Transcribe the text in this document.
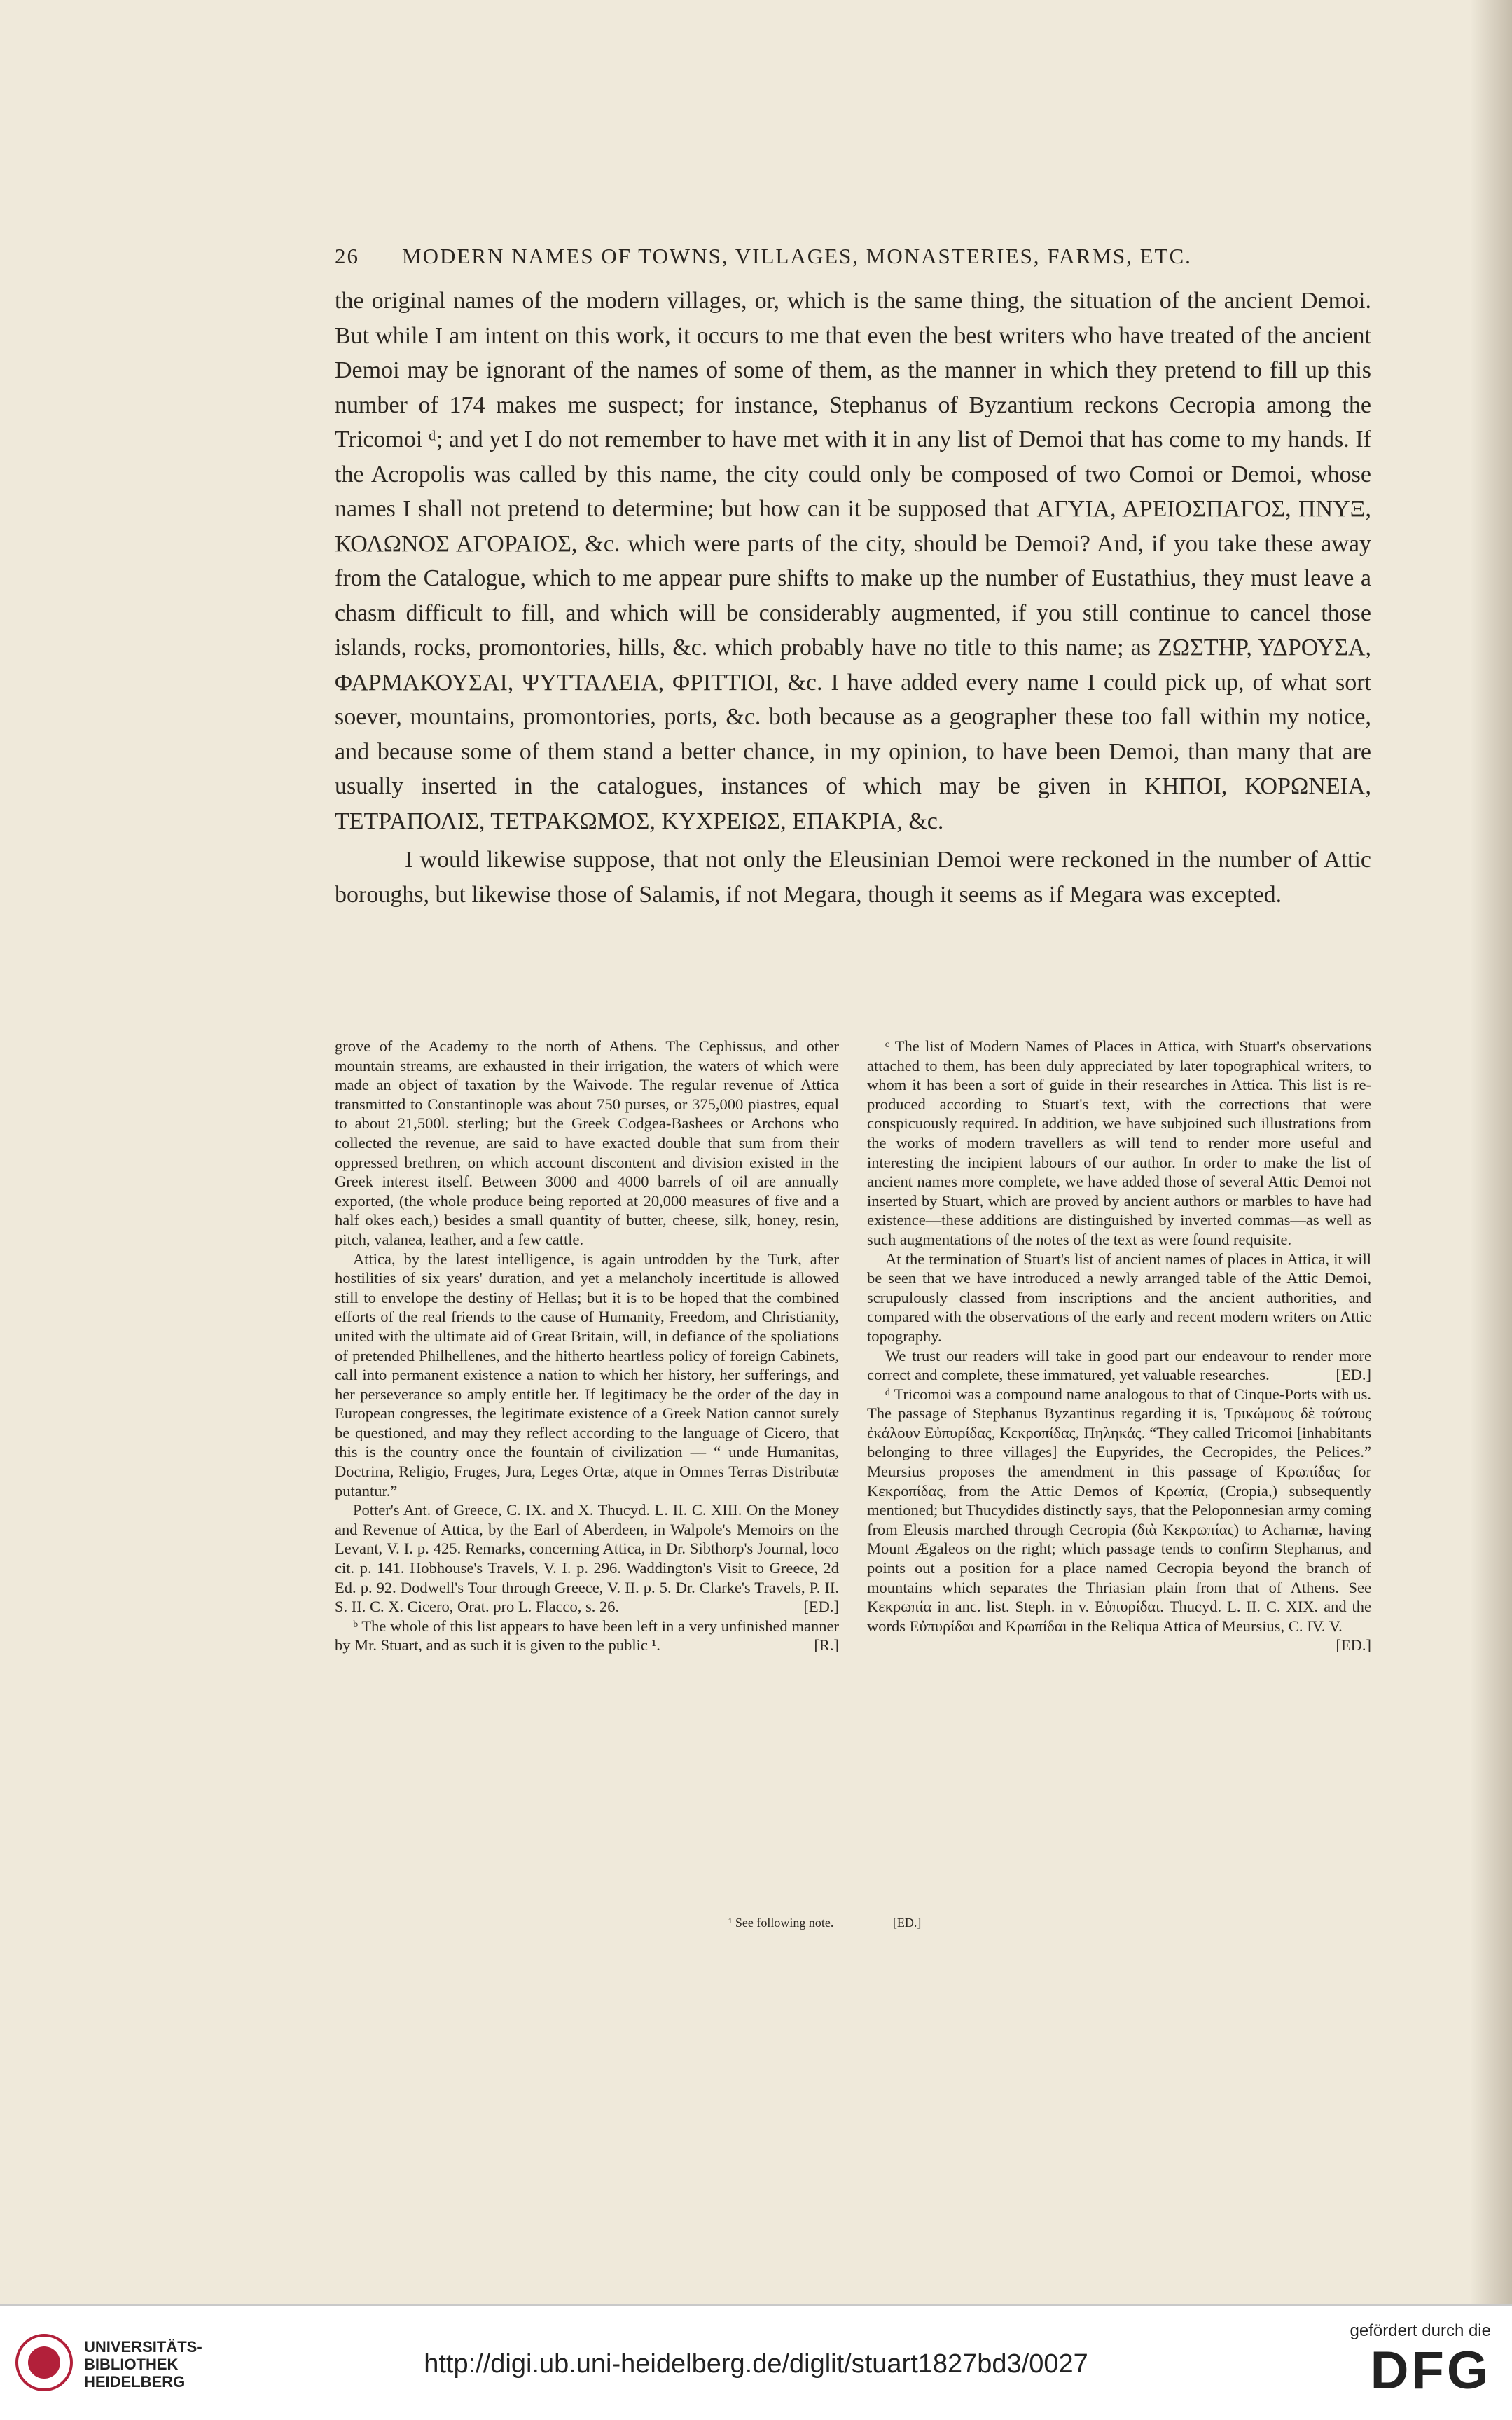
26 MODERN NAMES OF TOWNS, VILLAGES, MONASTERIES, FARMS, ETC.

the original names of the modern villages, or, which is the same thing, the situation of the ancient Demoi. But while I am intent on this work, it occurs to me that even the best writers who have treated of the ancient Demoi may be ignorant of the names of some of them, as the manner in which they pretend to fill up this number of 174 makes me suspect; for instance, Stephanus of Byzantium reckons Cecropia among the Tricomoi ᵈ; and yet I do not remember to have met with it in any list of Demoi that has come to my hands. If the Acropolis was called by this name, the city could only be composed of two Comoi or Demoi, whose names I shall not pretend to determine; but how can it be supposed that ΑΓΥΙΑ, ΑΡΕΙΟΣΠΑΓΟΣ, ΠΝΥΞ, ΚΟΛΩΝΟΣ ΑΓΟΡΑΙΟΣ, &c. which were parts of the city, should be Demoi? And, if you take these away from the Catalogue, which to me appear pure shifts to make up the number of Eustathius, they must leave a chasm difficult to fill, and which will be considerably augmented, if you still continue to cancel those islands, rocks, promontories, hills, &c. which probably have no title to this name; as ΖΩΣΤΗΡ, ΥΔΡΟΥΣΑ, ΦΑΡΜΑΚΟΥΣΑΙ, ΨΥΤΤΑΛΕΙΑ, ΦΡΙΤΤΙΟΙ, &c. I have added every name I could pick up, of what sort soever, mountains, promontories, ports, &c. both because as a geographer these too fall within my notice, and because some of them stand a better chance, in my opinion, to have been Demoi, than many that are usually inserted in the catalogues, instances of which may be given in ΚΗΠΟΙ, ΚΟΡΩΝΕΙΑ, ΤΕΤΡΑΠΟΛΙΣ, ΤΕΤΡΑΚΩΜΟΣ, ΚΥΧΡΕΙΩΣ, ΕΠΑΚΡΙΑ, &c.

I would likewise suppose, that not only the Eleusinian Demoi were reckoned in the number of Attic boroughs, but likewise those of Salamis, if not Megara, though it seems as if Megara was excepted.

grove of the Academy to the north of Athens. The Cephissus, and other mountain streams, are exhausted in their irrigation, the waters of which were made an object of taxation by the Waivode. The regular revenue of Attica transmitted to Constantinople was about 750 purses, or 375,000 piastres, equal to about 21,500l. sterling; but the Greek Codgea-Bashees or Archons who collected the revenue, are said to have exacted double that sum from their oppressed brethren, on which account discontent and division existed in the Greek interest itself. Between 3000 and 4000 barrels of oil are annually exported, (the whole produce being reported at 20,000 measures of five and a half okes each,) besides a small quantity of butter, cheese, silk, honey, resin, pitch, valanea, leather, and a few cattle.

Attica, by the latest intelligence, is again untrodden by the Turk, after hostilities of six years' duration, and yet a melancholy incertitude is allowed still to envelope the destiny of Hellas; but it is to be hoped that the combined efforts of the real friends to the cause of Humanity, Freedom, and Christianity, united with the ultimate aid of Great Britain, will, in defiance of the spoliations of pretended Philhellenes, and the hitherto heartless policy of foreign Cabinets, call into permanent existence a nation to which her history, her sufferings, and her perseverance so amply entitle her. If legitimacy be the order of the day in European congresses, the legitimate existence of a Greek Nation cannot surely be questioned, and may they reflect according to the language of Cicero, that this is the country once the fountain of civilization — “ unde Humanitas, Doctrina, Religio, Fruges, Jura, Leges Ortæ, atque in Omnes Terras Distributæ putantur.”

Potter's Ant. of Greece, C. IX. and X. Thucyd. L. II. C. XIII. On the Money and Revenue of Attica, by the Earl of Aberdeen, in Walpole's Memoirs on the Levant, V. I. p. 425. Remarks, concerning Attica, in Dr. Sibthorp's Journal, loco cit. p. 141. Hobhouse's Travels, V. I. p. 296. Waddington's Visit to Greece, 2d Ed. p. 92. Dodwell's Tour through Greece, V. II. p. 5. Dr. Clarke's Travels, P. II. S. II. C. X. Cicero, Orat. pro L. Flacco, s. 26.	[ED.]

ᵇ The whole of this list appears to have been left in a very unfinished manner by Mr. Stuart, and as such it is given to the public ¹.	[R.]

ᶜ The list of Modern Names of Places in Attica, with Stuart's observations attached to them, has been duly appreciated by later topographical writers, to whom it has been a sort of guide in their researches in Attica. This list is re-produced according to Stuart's text, with the corrections that were conspicuously required. In addition, we have subjoined such illustrations from the works of modern travellers as will tend to render more useful and interesting the incipient labours of our author. In order to make the list of ancient names more complete, we have added those of several Attic Demoi not inserted by Stuart, which are proved by ancient authors or marbles to have had existence—these additions are distinguished by inverted commas—as well as such augmentations of the notes of the text as were found requisite.

At the termination of Stuart's list of ancient names of places in Attica, it will be seen that we have introduced a newly arranged table of the Attic Demoi, scrupulously classed from inscriptions and the ancient authorities, and compared with the observations of the early and recent modern writers on Attic topography.

We trust our readers will take in good part our endeavour to render more correct and complete, these immatured, yet valuable researches.	[ED.]

ᵈ Tricomoi was a compound name analogous to that of Cinque-Ports with us. The passage of Stephanus Byzantinus regarding it is, Τρικώμους δὲ τούτους ἐκάλουν Εὐπυρίδας, Κεκροπίδας, Πηληκάς. “They called Tricomoi [inhabitants belonging to three villages] the Eupyrides, the Cecropides, the Pelices.” Meursius proposes the amendment in this passage of Κρωπίδας for Κεκροπίδας, from the Attic Demos of Κρωπία, (Cropia,) subsequently mentioned; but Thucydides distinctly says, that the Peloponnesian army coming from Eleusis marched through Cecropia (διὰ Κεκρωπίας) to Acharnæ, having Mount Ægaleos on the right; which passage tends to confirm Stephanus, and points out a position for a place named Cecropia beyond the branch of mountains which separates the Thriasian plain from that of Athens. See Κεκρωπία in anc. list. Steph. in v. Εὐπυρίδαι. Thucyd. L. II. C. XIX. and the words Εὐπυρίδαι and Κρωπίδαι in the Reliqua Attica of Meursius, C. IV. V.
[ED.]

¹ See following note.	[ED.]
UNIVERSITÄTS-
BIBLIOTHEK
HEIDELBERG
http://digi.ub.uni-heidelberg.de/diglit/stuart1827bd3/0027
gefördert durch die
DFG
